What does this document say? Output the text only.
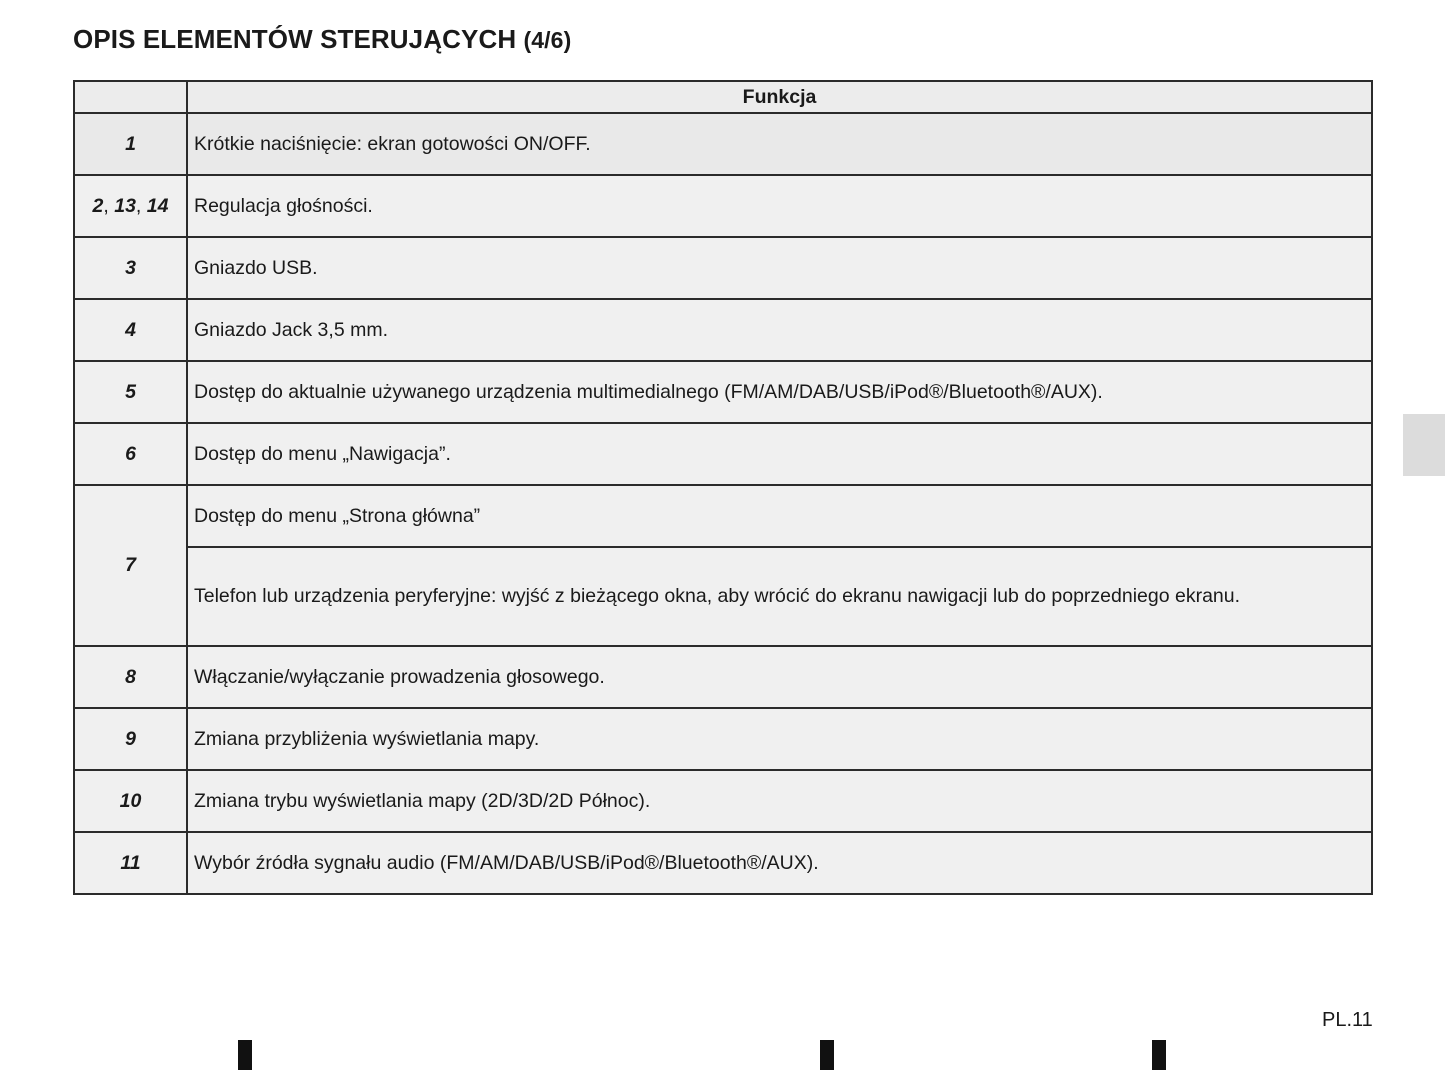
OPIS ELEMENTÓW STERUJĄCYCH (4/6)
	Funkcja
1	Krótkie naciśnięcie: ekran gotowości ON/OFF.
2, 13, 14	Regulacja głośności.
3	Gniazdo USB.
4	Gniazdo Jack 3,5 mm.
5	Dostęp do aktualnie używanego urządzenia multimedialnego (FM/AM/DAB/USB/iPod®/Bluetooth®/AUX).
6	Dostęp do menu „Nawigacja”.
7	Dostęp do menu „Strona główna”
	Telefon lub urządzenia peryferyjne: wyjść z bieżącego okna, aby wrócić do ekranu nawigacji lub do poprzedniego ekranu.
8	Włączanie/wyłączanie prowadzenia głosowego.
9	Zmiana przybliżenia wyświetlania mapy.
10	Zmiana trybu wyświetlania mapy (2D/3D/2D Północ).
11	Wybór źródła sygnału audio (FM/AM/DAB/USB/iPod®/Bluetooth®/AUX).
PL.11
